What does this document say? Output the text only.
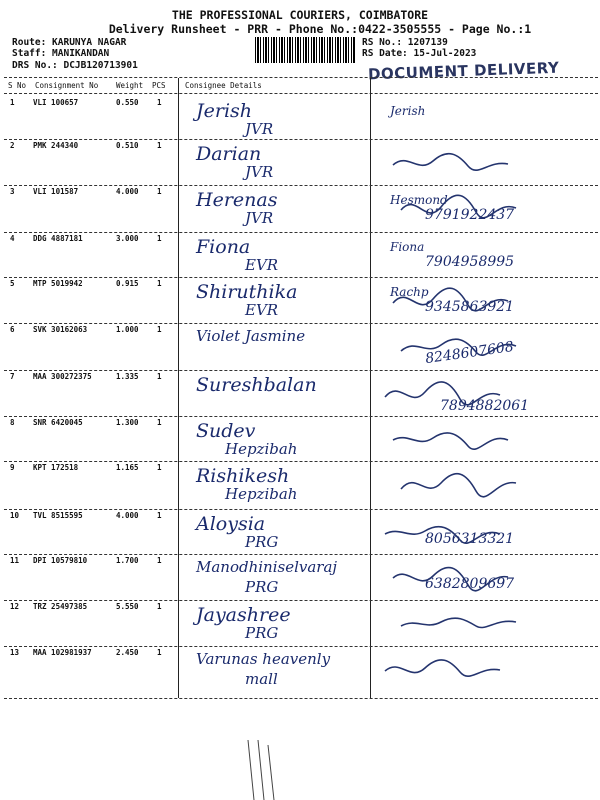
THE PROFESSIONAL COURIERS, COIMBATORE
Delivery Runsheet - PRR - Phone No.:0422-3505555 - Page No.:1
Route: KARUNYA NAGAR
Staff: MANIKANDAN
DRS No.: DCJB120713901
RS No.: 1207139
RS Date: 15-Jul-2023
DOCUMENT DELIVERY
S No Consignment No Weight PCS	Consignee Details
1 VLI 100657	0.550 1 Jerish
JVR
Jerish
2 PMK 244340	0.510 1 Darian
JVR
3 VLI 101587	4.000 1 Herenas
JVR
Hesmond
9791922437
4 DDG 4887181	3.000 1 Fiona
EVR
Fiona
7904958995
5 MTP 5019942	0.915 1 Shiruthika
EVR
Rachp
9345863921
6 SVK 30162063	1.000 1 Violet Jasmine
8248607608
7 MAA 300272375	1.335 1 Sureshbalan
7894882061
8 SNR 6420045	1.300 1 Sudev
Hepzibah
9 KPT 172518	1.165 1 Rishikesh
Hepzibah
10 TVL 8515595	4.000 1 Aloysia
PRG	8056313321
11 DPI 10579810	1.700 1 Manodhiniselvaraj
PRG	6382809697
12 TRZ 25497385	5.550 1 Jayashree
PRG
13 MAA 102981937	2.450 1 Varunas heavenly
mall
